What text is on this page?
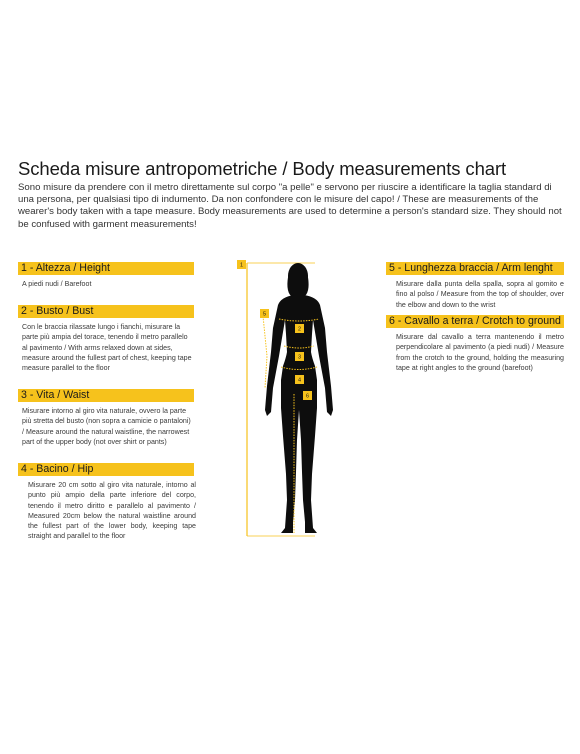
Scheda misure antropometriche / Body measurements chart
Sono misure da prendere con il metro direttamente sul corpo "a pelle" e servono per riuscire a identificare la taglia standard di una persona, per qualsiasi tipo di indumento. Da non confondere con le misure del capo! / These are measurements of the wearer's body taken with a tape measure. Body measurements are used to determine a person's standard size. They should not be confused with garment measurements!
1 - Altezza / Height
A piedi nudi / Barefoot
2 - Busto / Bust
Con le braccia rilassate lungo i fianchi, misurare la parte più ampia del torace, tenendo il metro parallelo al pavimento / With arms relaxed down at sides, measure around the fullest part of chest, keeping tape measure parallel to the floor
3 - Vita / Waist
Misurare intorno al giro vita naturale, ovvero la parte più stretta del busto (non sopra a camicie o pantaloni) / Measure around the natural waistline, the narrowest part of the upper body (not over shirt or pants)
4 - Bacino / Hip
Misurare 20 cm sotto al giro vita naturale, intorno al punto più ampio della parte inferiore del corpo, tenendo il metro diritto e parallelo al pavimento / Measured 20cm below the natural waistline around the fullest part of the lower body, keeping tape straight and parallel to the floor
5 - Lunghezza braccia / Arm lenght
Misurare dalla punta della spalla, sopra al gomito e fino al polso / Measure from the top of shoulder, over the elbow and down to the wrist
6 - Cavallo a terra / Crotch to ground
Misurare dal cavallo a terra mantenendo il metro perpendicolare al pavimento (a piedi nudi) / Measure from the crotch to the ground, holding the measuring tape at right angles to the ground (barefoot)
1
2
3
4
5
6
